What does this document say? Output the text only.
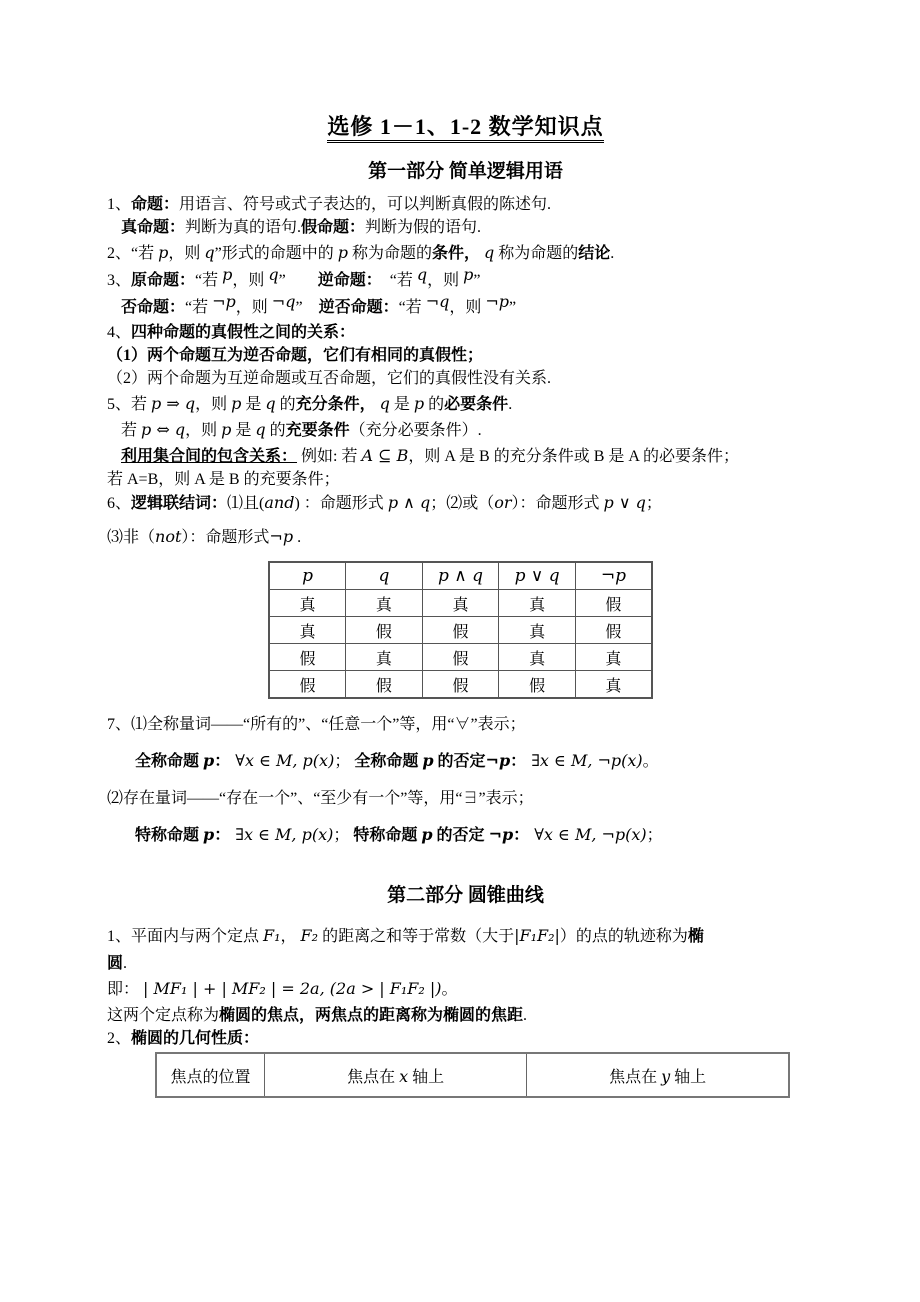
选修 1－1、1-2 数学知识点
第一部分 简单逻辑用语
1、命题：用语言、符号或式子表达的，可以判断真假的陈述句.
真命题：判断为真的语句.假命题：判断为假的语句.
2、“若 p，则 q”形式的命题中的 p 称为命题的条件， q 称为命题的结论.
3、原命题：“若 p，则 q”　　逆命题：　“若 q，则 p”
否命题：“若 ¬p，则 ¬q”　逆否命题：“若 ¬q，则 ¬p”
4、四种命题的真假性之间的关系：
（1）两个命题互为逆否命题，它们有相同的真假性；
（2）两个命题为互逆命题或互否命题，它们的真假性没有关系.
5、若 p ⇒ q，则 p 是 q 的充分条件， q 是 p 的必要条件.
若 p ⇔ q，则 p 是 q 的充要条件（充分必要条件）.
利用集合间的包含关系： 例如: 若 A ⊆ B，则 A 是 B 的充分条件或 B 是 A 的必要条件；
若 A=B，则 A 是 B 的充要条件；
6、逻辑联结词：⑴且(and) ：命题形式 p ∧ q；⑵或（or）：命题形式 p ∨ q；
⑶非（not）：命题形式¬p .
p	q	p ∧ q	p ∨ q	¬p
真	真	真	真	假
真	假	假	真	假
假	真	假	真	真
假	假	假	假	真
7、⑴全称量词——“所有的”、“任意一个”等，用“∀”表示；
全称命题 p： ∀x ∈ M, p(x)； 全称命题 p 的否定¬p： ∃x ∈ M, ¬p(x)。
⑵存在量词——“存在一个”、“至少有一个”等，用“∃”表示；
特称命题 p： ∃x ∈ M, p(x)； 特称命题 p 的否定 ¬p： ∀x ∈ M, ¬p(x)；
第二部分 圆锥曲线
1、平面内与两个定点 F₁， F₂ 的距离之和等于常数（大于|F₁F₂|）的点的轨迹称为椭
圆.
即： | MF₁ | + | MF₂ | = 2a, (2a > | F₁F₂ |)。
这两个定点称为椭圆的焦点，两焦点的距离称为椭圆的焦距.
2、椭圆的几何性质：
焦点的位置	焦点在 x 轴上	焦点在 y 轴上
